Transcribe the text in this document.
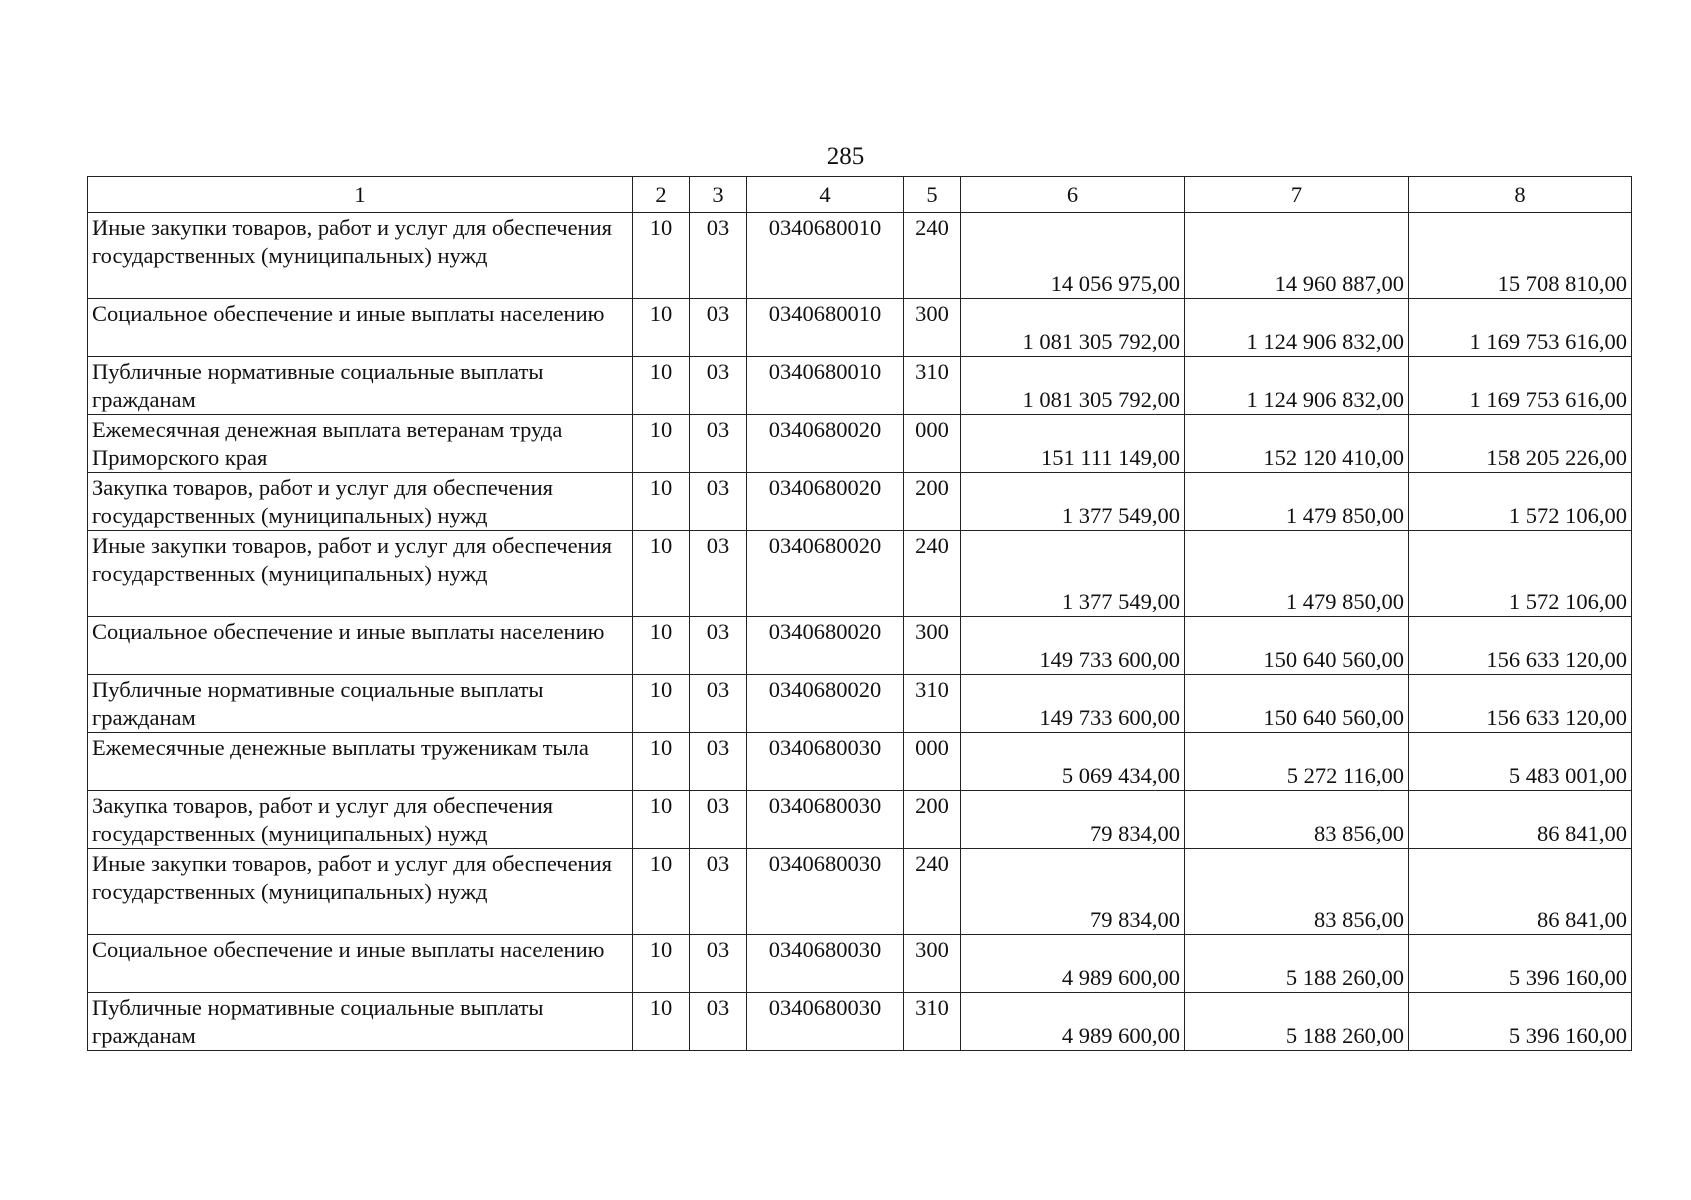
285
1	2	3	4	5	6	7	8
Иные закупки товаров, работ и услуг для обеспечения государственных (муниципальных) нужд	10	03	0340680010	240	14 056 975,00	14 960 887,00	15 708 810,00
Социальное обеспечение и иные выплаты населению	10	03	0340680010	300	1 081 305 792,00	1 124 906 832,00	1 169 753 616,00
Публичные нормативные социальные выплаты гражданам	10	03	0340680010	310	1 081 305 792,00	1 124 906 832,00	1 169 753 616,00
Ежемесячная денежная выплата ветеранам труда Приморского края	10	03	0340680020	000	151 111 149,00	152 120 410,00	158 205 226,00
Закупка товаров, работ и услуг для обеспечения государственных (муниципальных) нужд	10	03	0340680020	200	1 377 549,00	1 479 850,00	1 572 106,00
Иные закупки товаров, работ и услуг для обеспечения государственных (муниципальных) нужд	10	03	0340680020	240	1 377 549,00	1 479 850,00	1 572 106,00
Социальное обеспечение и иные выплаты населению	10	03	0340680020	300	149 733 600,00	150 640 560,00	156 633 120,00
Публичные нормативные социальные выплаты гражданам	10	03	0340680020	310	149 733 600,00	150 640 560,00	156 633 120,00
Ежемесячные денежные выплаты труженикам тыла	10	03	0340680030	000	5 069 434,00	5 272 116,00	5 483 001,00
Закупка товаров, работ и услуг для обеспечения государственных (муниципальных) нужд	10	03	0340680030	200	79 834,00	83 856,00	86 841,00
Иные закупки товаров, работ и услуг для обеспечения государственных (муниципальных) нужд	10	03	0340680030	240	79 834,00	83 856,00	86 841,00
Социальное обеспечение и иные выплаты населению	10	03	0340680030	300	4 989 600,00	5 188 260,00	5 396 160,00
Публичные нормативные социальные выплаты гражданам	10	03	0340680030	310	4 989 600,00	5 188 260,00	5 396 160,00
